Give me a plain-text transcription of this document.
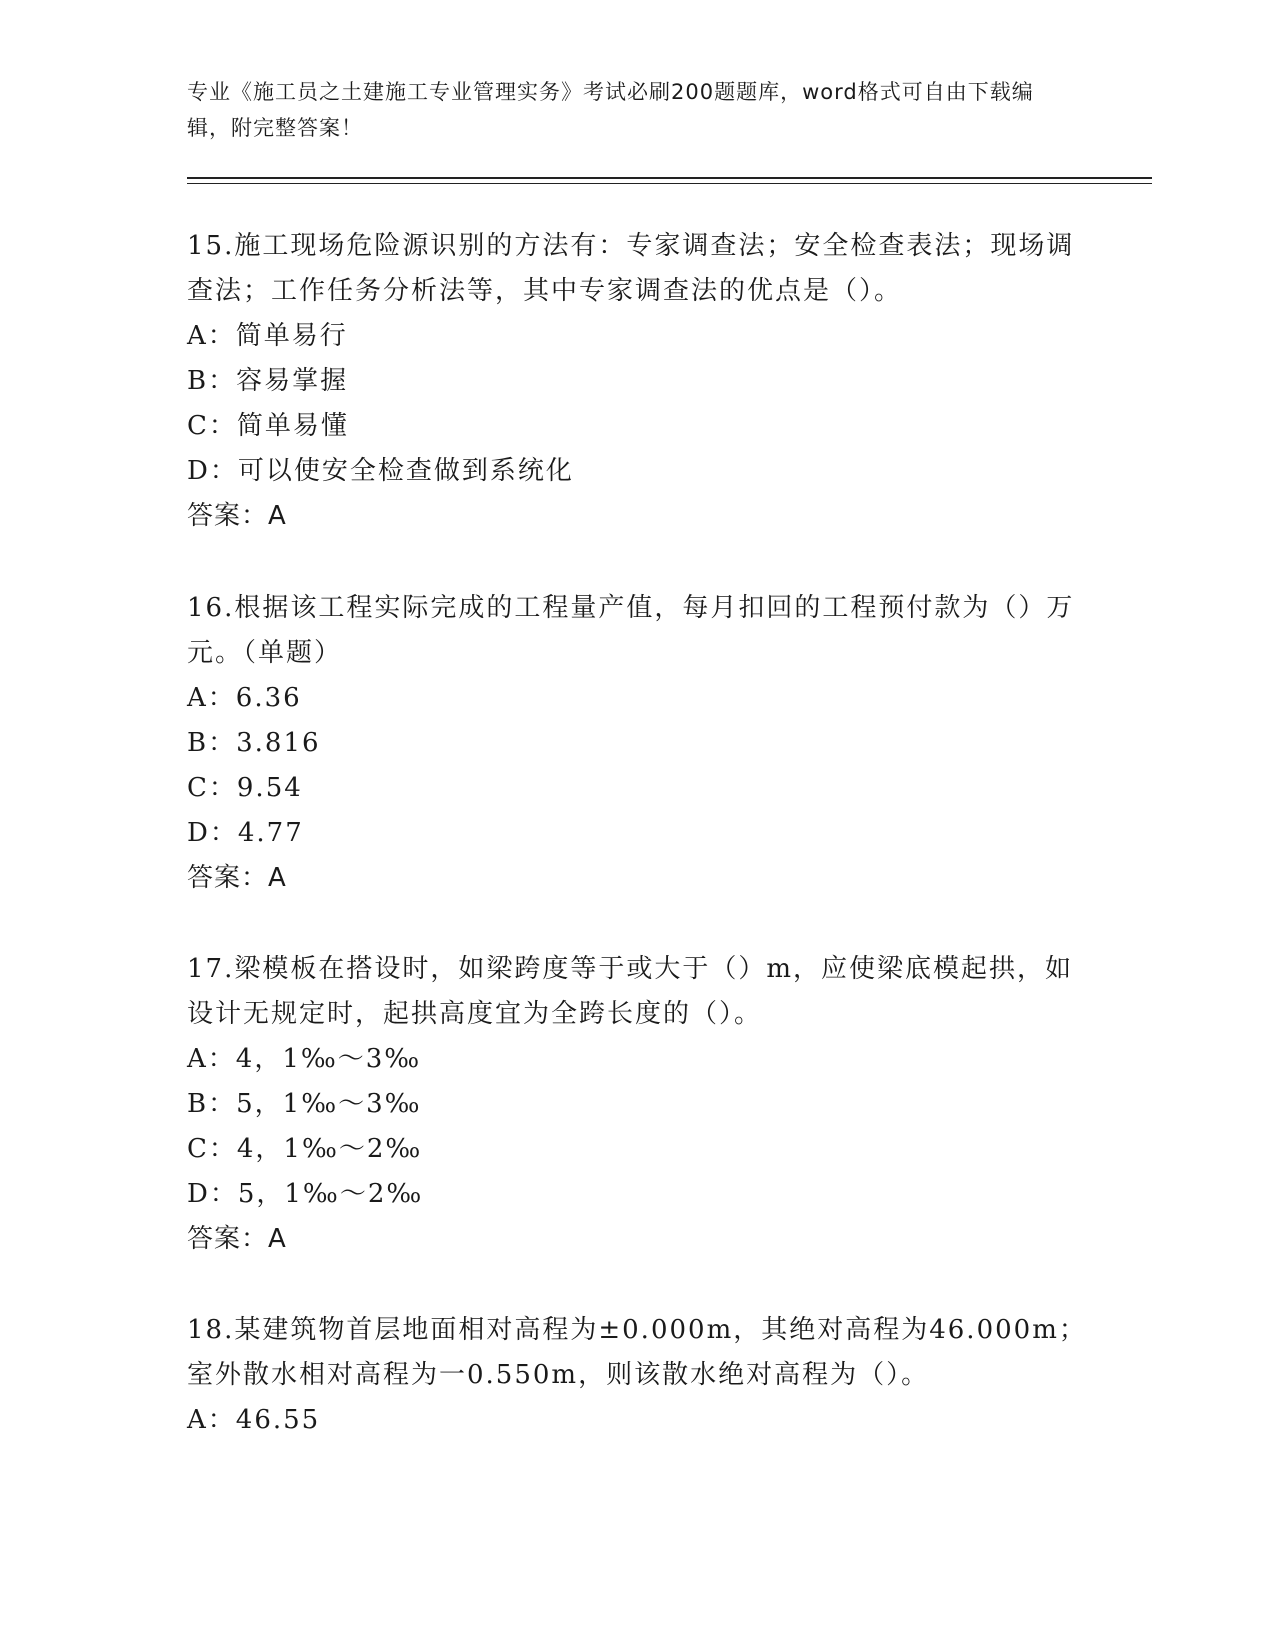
专业《施工员之土建施工专业管理实务》考试必刷200题题库，word格式可自由下载编辑，附完整答案！
15.施工现场危险源识别的方法有：专家调查法；安全检查表法；现场调查法；工作任务分析法等，其中专家调查法的优点是（）。
A：简单易行
B：容易掌握
C：简单易懂
D：可以使安全检查做到系统化
答案：A
16.根据该工程实际完成的工程量产值，每月扣回的工程预付款为（）万元。（单题）
A：6.36
B：3.816
C：9.54
D：4.77
答案：A
17.梁模板在搭设时，如梁跨度等于或大于（）m，应使梁底模起拱，如设计无规定时，起拱高度宜为全跨长度的（）。
A：4，1‰～3‰
B：5，1‰～3‰
C：4，1‰～2‰
D：5，1‰～2‰
答案：A
18.某建筑物首层地面相对高程为±0.000m，其绝对高程为46.000m；室外散水相对高程为一0.550m，则该散水绝对高程为（）。
A：46.55
